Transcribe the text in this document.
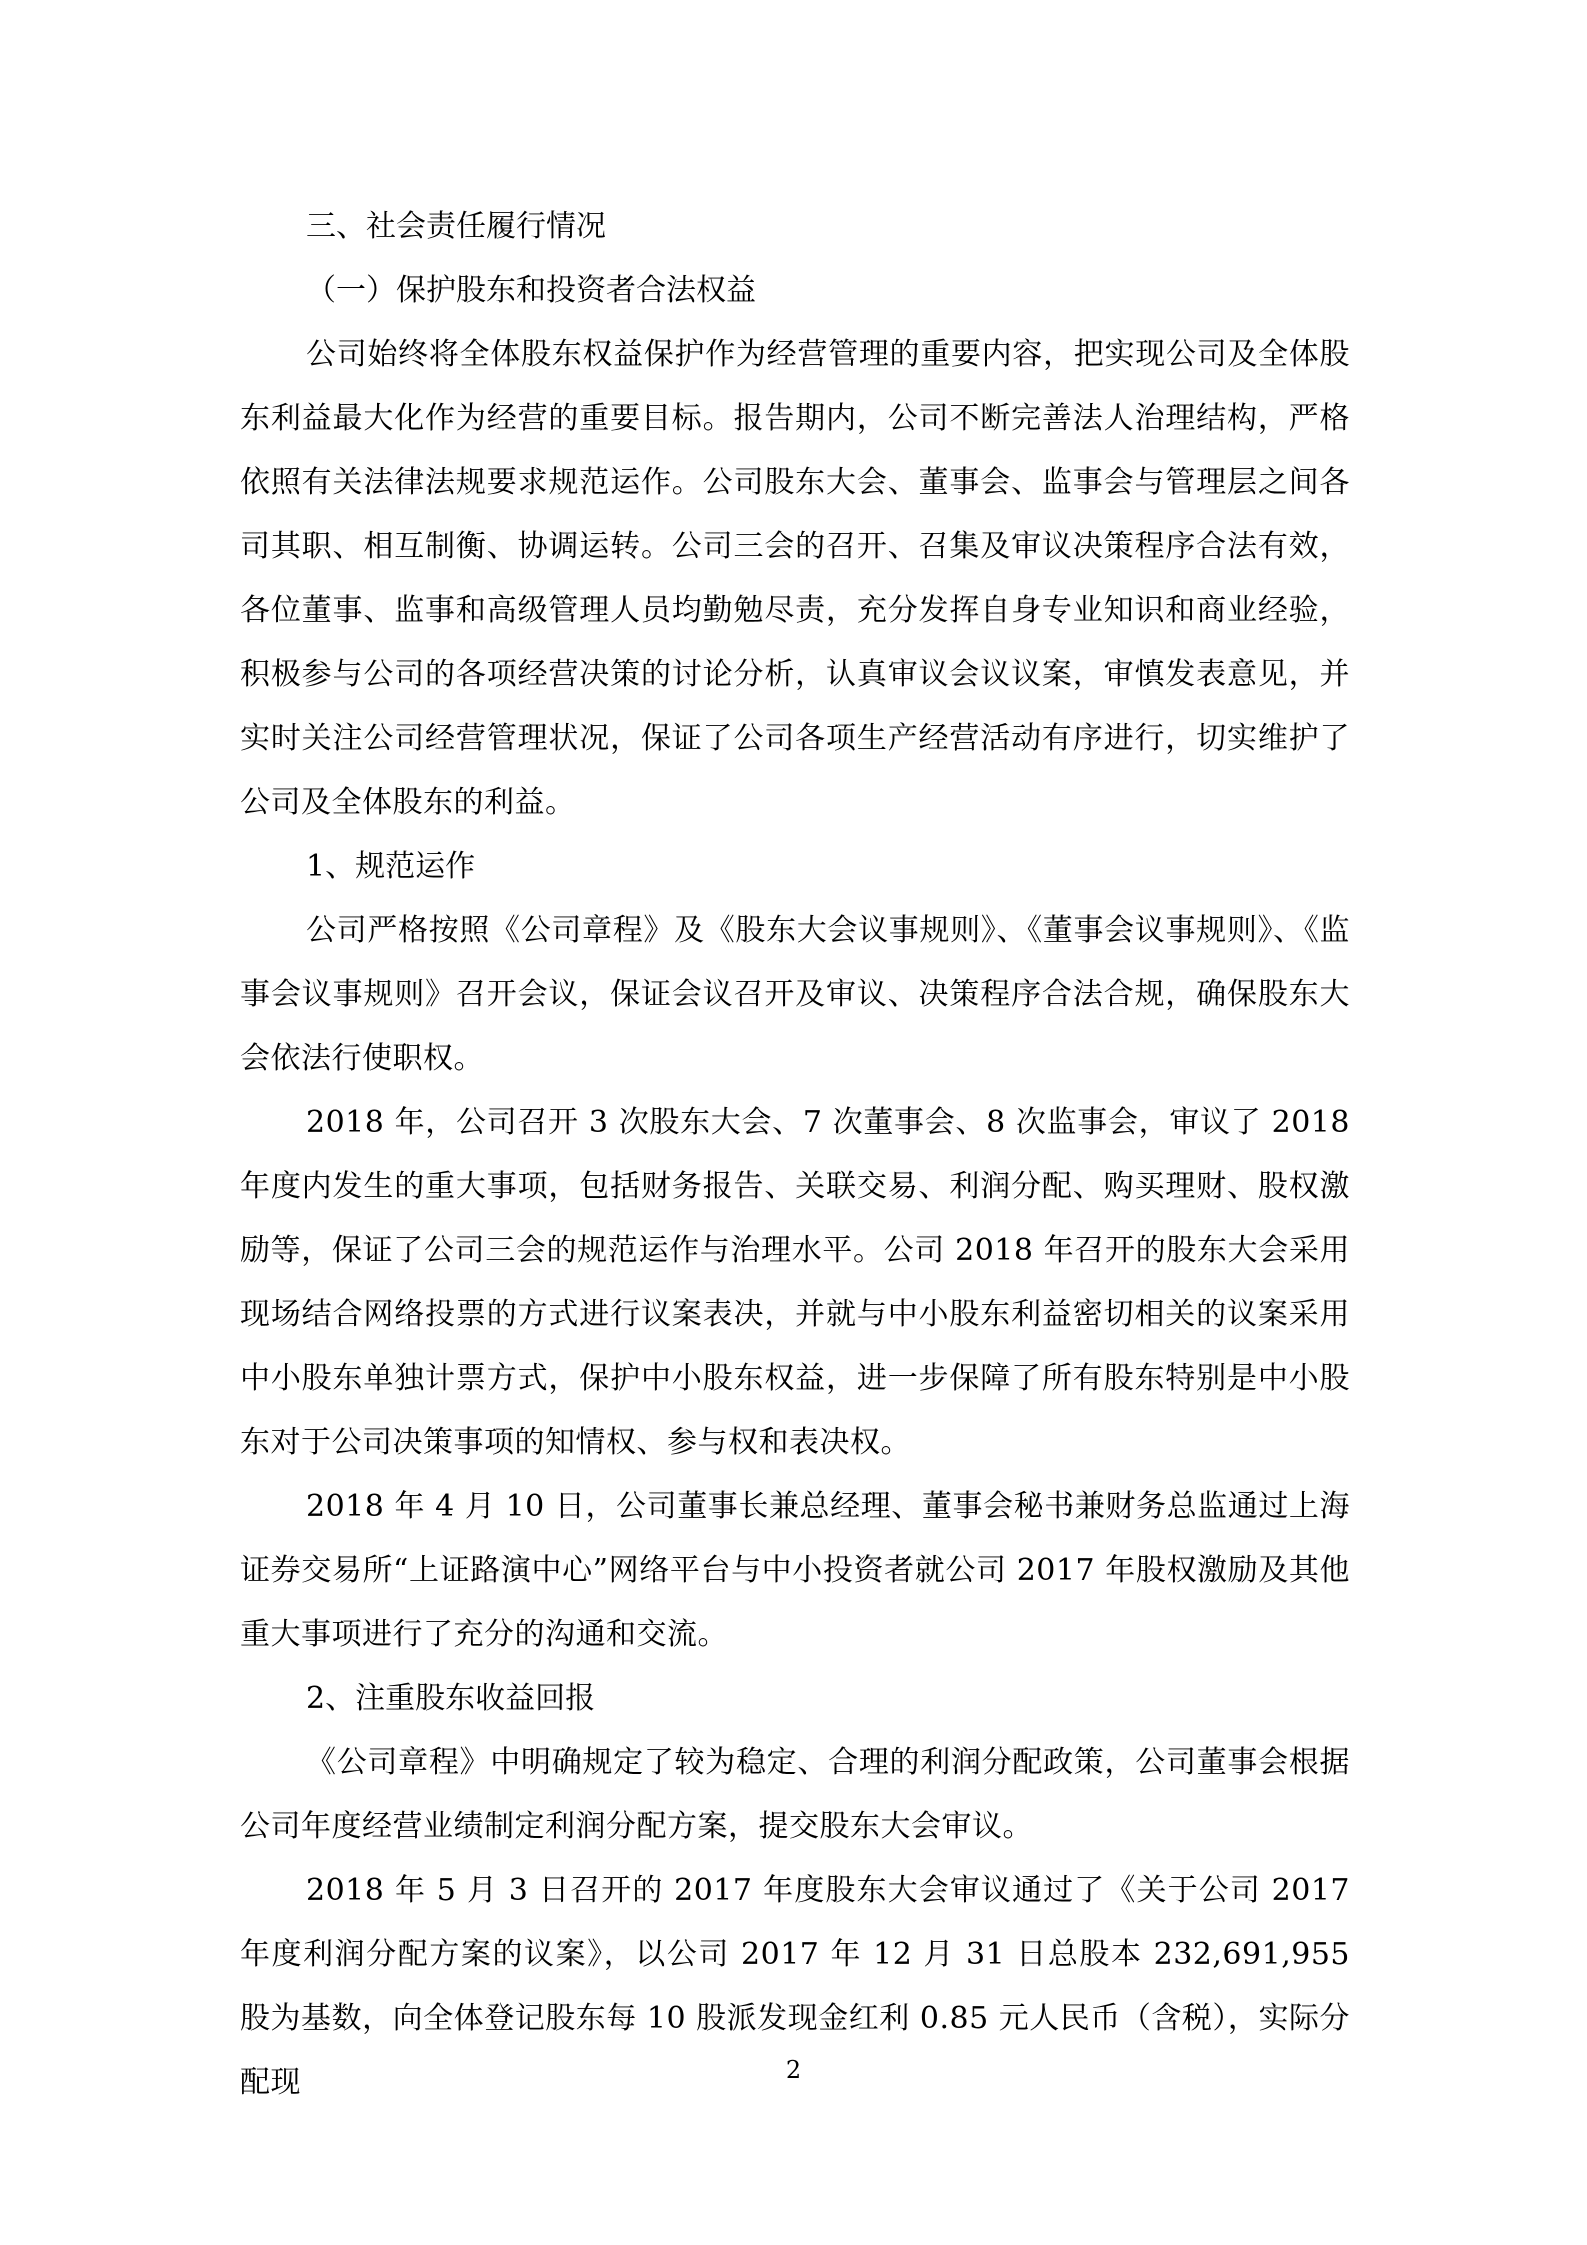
三、社会责任履行情况

（一）保护股东和投资者合法权益

公司始终将全体股东权益保护作为经营管理的重要内容，把实现公司及全体股东利益最大化作为经营的重要目标。报告期内，公司不断完善法人治理结构，严格依照有关法律法规要求规范运作。公司股东大会、董事会、监事会与管理层之间各司其职、相互制衡、协调运转。公司三会的召开、召集及审议决策程序合法有效，各位董事、监事和高级管理人员均勤勉尽责，充分发挥自身专业知识和商业经验，积极参与公司的各项经营决策的讨论分析，认真审议会议议案，审慎发表意见，并实时关注公司经营管理状况，保证了公司各项生产经营活动有序进行，切实维护了公司及全体股东的利益。

1、规范运作

公司严格按照《公司章程》及《股东大会议事规则》、《董事会议事规则》、《监事会议事规则》召开会议，保证会议召开及审议、决策程序合法合规，确保股东大会依法行使职权。

2018 年，公司召开 3 次股东大会、7 次董事会、8 次监事会，审议了 2018 年度内发生的重大事项，包括财务报告、关联交易、利润分配、购买理财、股权激励等，保证了公司三会的规范运作与治理水平。公司 2018 年召开的股东大会采用现场结合网络投票的方式进行议案表决，并就与中小股东利益密切相关的议案采用中小股东单独计票方式，保护中小股东权益，进一步保障了所有股东特别是中小股东对于公司决策事项的知情权、参与权和表决权。

2018 年 4 月 10 日，公司董事长兼总经理、董事会秘书兼财务总监通过上海证券交易所“上证路演中心”网络平台与中小投资者就公司 2017 年股权激励及其他重大事项进行了充分的沟通和交流。

2、注重股东收益回报

《公司章程》中明确规定了较为稳定、合理的利润分配政策，公司董事会根据公司年度经营业绩制定利润分配方案，提交股东大会审议。

2018 年 5 月 3 日召开的 2017 年度股东大会审议通过了《关于公司 2017 年度利润分配方案的议案》，以公司 2017 年 12 月 31 日总股本 232,691,955 股为基数，向全体登记股东每 10 股派发现金红利 0.85 元人民币（含税），实际分配现	2
